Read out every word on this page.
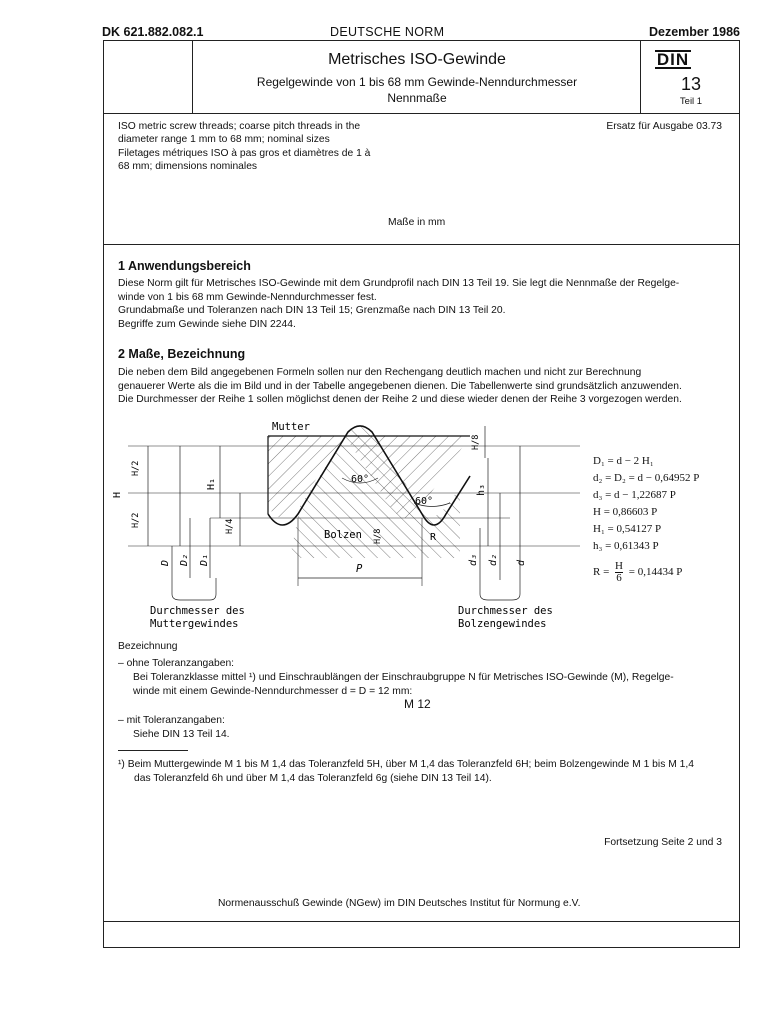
DK 621.882.082.1	DEUTSCHE NORM	Dezember 1986
Metrisches ISO-Gewinde
Regelgewinde von 1 bis 68 mm Gewinde-Nenndurchmesser
Nennmaße
DIN
13
Teil 1
ISO metric screw threads; coarse pitch threads in the
diameter range 1 mm to 68 mm; nominal sizes
Filetages métriques ISO à pas gros et diamètres de 1 à
68 mm; dimensions nominales
Ersatz für Ausgabe 03.73
Maße in mm
1 Anwendungsbereich
Diese Norm gilt für Metrisches ISO-Gewinde mit dem Grundprofil nach DIN 13 Teil 19. Sie legt die Nennmaße der Regelge-
winde von 1 bis 68 mm Gewinde-Nenndurchmesser fest.
Grundabmaße und Toleranzen nach DIN 13 Teil 15; Grenzmaße nach DIN 13 Teil 20.
Begriffe zum Gewinde siehe DIN 2244.
2 Maße, Bezeichnung
Die neben dem Bild angegebenen Formeln sollen nur den Rechengang deutlich machen und nicht zur Berechnung
genauerer Werte als die im Bild und in der Tabelle angegebenen dienen. Die Tabellenwerte sind grundsätzlich anzuwenden.
Die Durchmesser der Reihe 1 sollen möglichst denen der Reihe 2 und diese wieder denen der Reihe 3 vorgezogen werden.
Mutter
Bolzen
60°
60°
H
H/2
H/2
H₁
H/4
H/8
H/8
h₃
R
P
D D₂ D₁	d₃ d₂ d
Durchmesser des
Muttergewindes
Durchmesser des
Bolzengewindes
D₁ = d − 2 H₁
d₂ = D₂ = d − 0,64952 P
d₃ = d − 1,22687 P
H = 0,86603 P
H₁ = 0,54127 P
h₃ = 0,61343 P
$R = \frac{H}{6} = 0,14434$ P
Bezeichnung
– ohne Toleranzangaben:
Bei Toleranzklasse mittel ¹) und Einschraublängen der Einschraubgruppe N für Metrisches ISO-Gewinde (M), Regelge-
winde mit einem Gewinde-Nenndurchmesser d = D = 12 mm:
M 12
– mit Toleranzangaben:
Siehe DIN 13 Teil 14.
¹) Beim Muttergewinde M 1 bis M 1,4 das Toleranzfeld 5H, über M 1,4 das Toleranzfeld 6H; beim Bolzengewinde M 1 bis M 1,4
das Toleranzfeld 6h und über M 1,4 das Toleranzfeld 6g (siehe DIN 13 Teil 14).
Fortsetzung Seite 2 und 3
Normenausschuß Gewinde (NGew) im DIN Deutsches Institut für Normung e.V.
